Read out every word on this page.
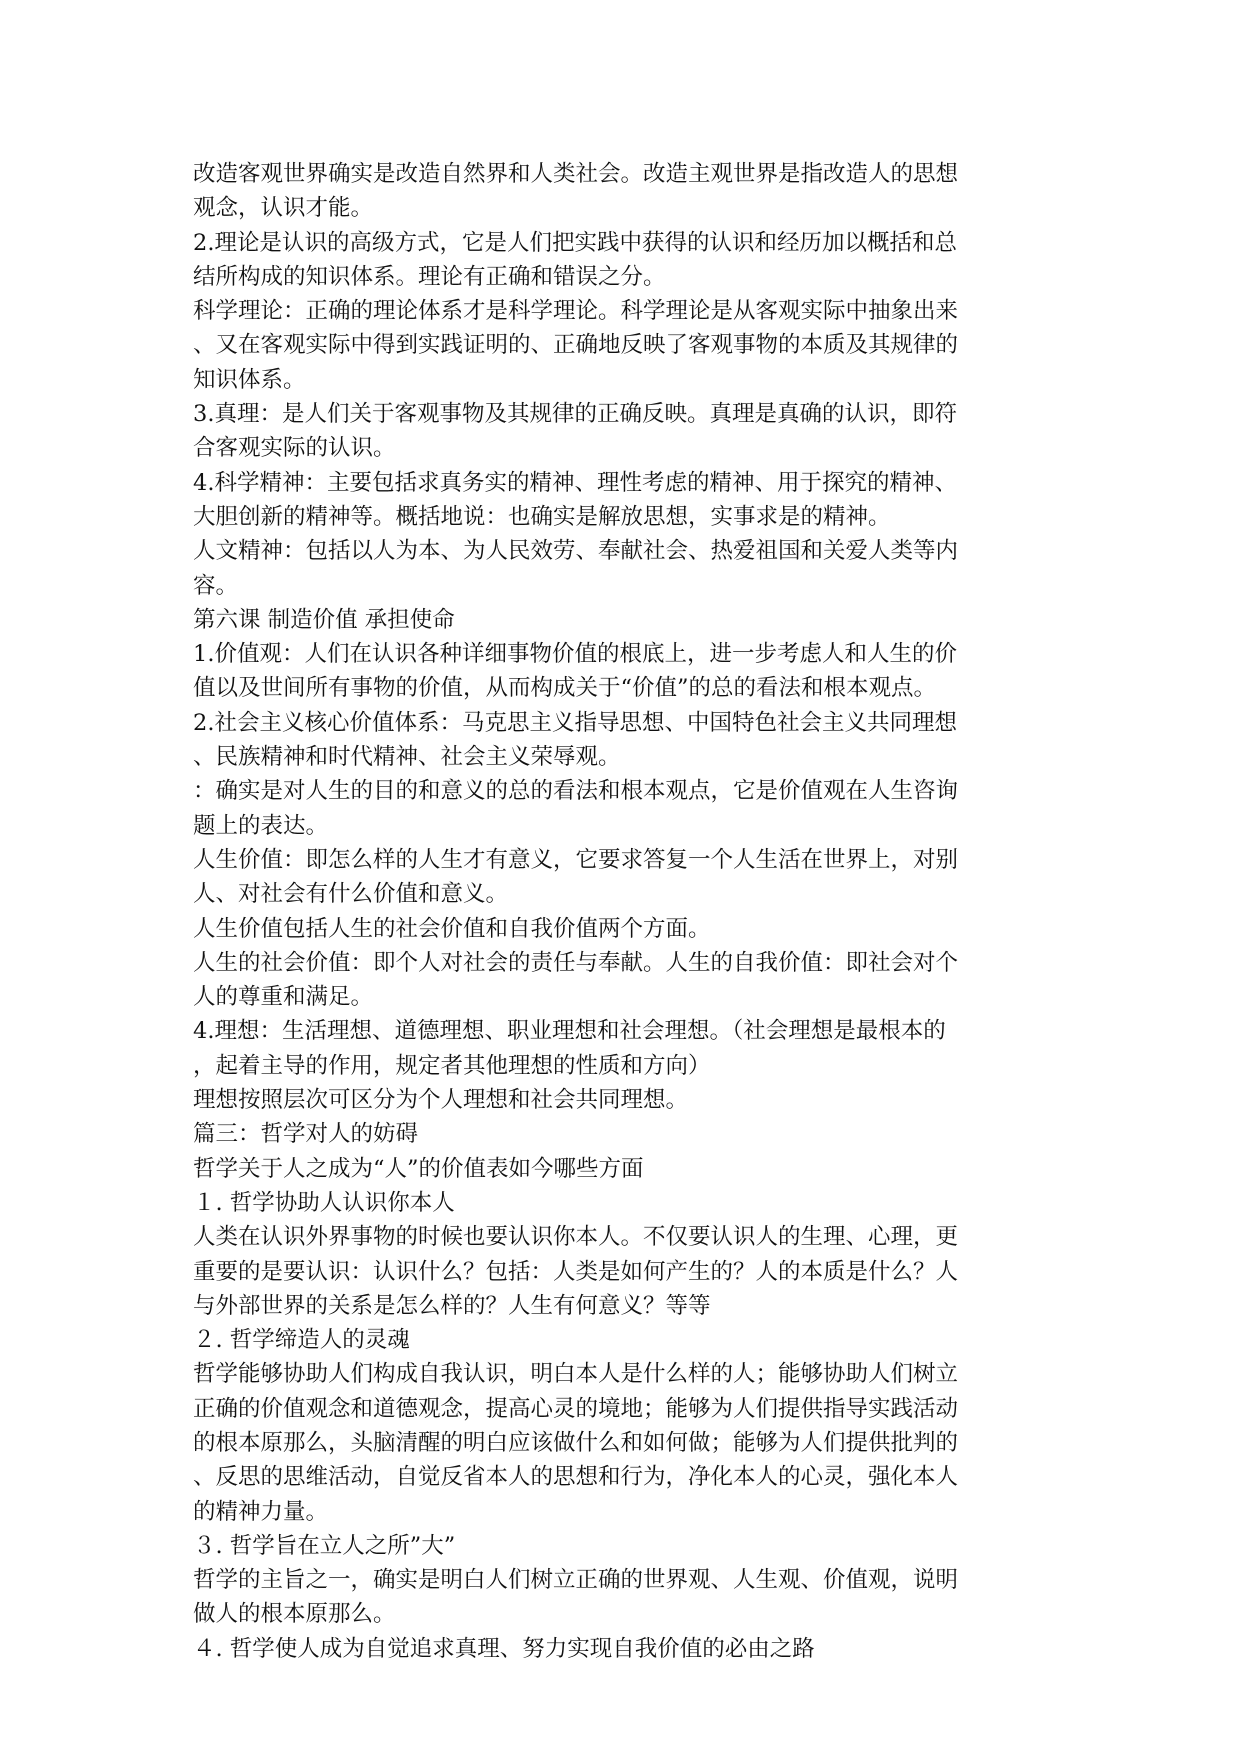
改造客观世界确实是改造自然界和人类社会。改造主观世界是指改造人的思想
观念，认识才能。

2.理论是认识的高级方式，它是人们把实践中获得的认识和经历加以概括和总
结所构成的知识体系。理论有正确和错误之分。

科学理论：正确的理论体系才是科学理论。科学理论是从客观实际中抽象出来
、又在客观实际中得到实践证明的、正确地反映了客观事物的本质及其规律的
知识体系。

3.真理：是人们关于客观事物及其规律的正确反映。真理是真确的认识，即符
合客观实际的认识。

4.科学精神：主要包括求真务实的精神、理性考虑的精神、用于探究的精神、
大胆创新的精神等。概括地说：也确实是解放思想，实事求是的精神。

人文精神：包括以人为本、为人民效劳、奉献社会、热爱祖国和关爱人类等内
容。

第六课 制造价值 承担使命

1.价值观：人们在认识各种详细事物价值的根底上，进一步考虑人和人生的价
值以及世间所有事物的价值，从而构成关于“价值”的总的看法和根本观点。

2.社会主义核心价值体系：马克思主义指导思想、中国特色社会主义共同理想
、民族精神和时代精神、社会主义荣辱观。

：确实是对人生的目的和意义的总的看法和根本观点，它是价值观在人生咨询
题上的表达。

人生价值：即怎么样的人生才有意义，它要求答复一个人生活在世界上，对别
人、对社会有什么价值和意义。

人生价值包括人生的社会价值和自我价值两个方面。

人生的社会价值：即个人对社会的责任与奉献。人生的自我价值：即社会对个
人的尊重和满足。

4.理想：生活理想、道德理想、职业理想和社会理想。（社会理想是最根本的
，起着主导的作用，规定者其他理想的性质和方向）

理想按照层次可区分为个人理想和社会共同理想。

篇三：哲学对人的妨碍

哲学关于人之成为“人”的价值表如今哪些方面

１. 哲学协助人认识你本人

人类在认识外界事物的时候也要认识你本人。不仅要认识人的生理、心理，更
重要的是要认识：认识什么？包括：人类是如何产生的？人的本质是什么？人
与外部世界的关系是怎么样的？人生有何意义？等等

２. 哲学缔造人的灵魂

哲学能够协助人们构成自我认识，明白本人是什么样的人；能够协助人们树立
正确的价值观念和道德观念，提高心灵的境地；能够为人们提供指导实践活动
的根本原那么，头脑清醒的明白应该做什么和如何做；能够为人们提供批判的
、反思的思维活动，自觉反省本人的思想和行为，净化本人的心灵，强化本人
的精神力量。

３. 哲学旨在立人之所”大”

哲学的主旨之一，确实是明白人们树立正确的世界观、人生观、价值观，说明
做人的根本原那么。

４. 哲学使人成为自觉追求真理、努力实现自我价值的必由之路
